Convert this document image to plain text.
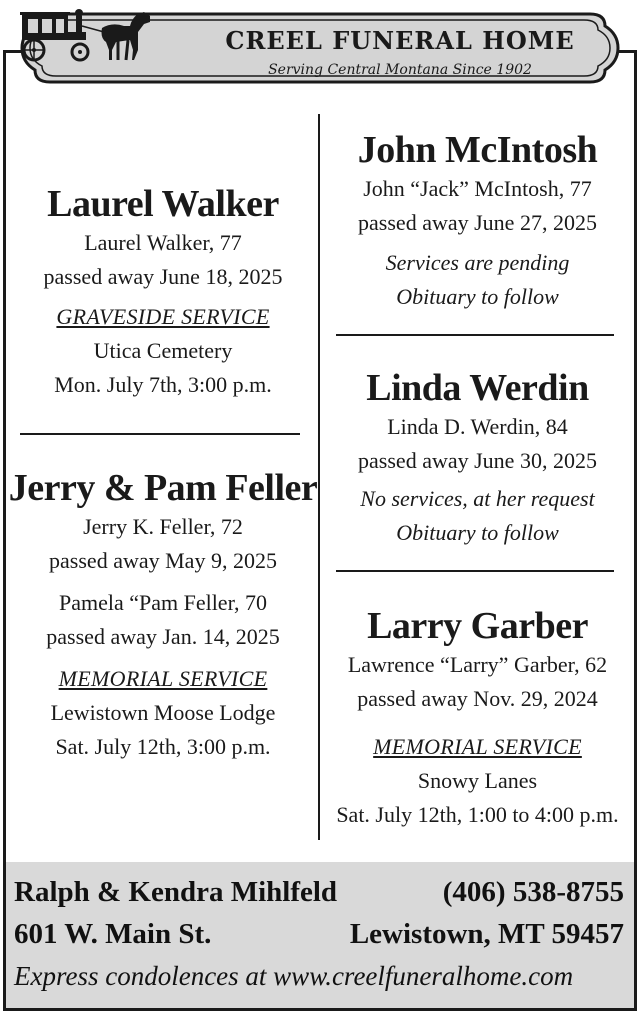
CREEL FUNERAL HOME
Serving Central Montana Since 1902

Laurel Walker

Laurel Walker, 77

passed away June 18, 2025

GRAVESIDE SERVICE

Utica Cemetery

Mon. July 7th, 3:00 p.m.

Jerry & Pam Feller

Jerry K. Feller, 72

passed away May 9, 2025

Pamela “Pam Feller, 70

passed away Jan. 14, 2025

MEMORIAL SERVICE

Lewistown Moose Lodge

Sat. July 12th, 3:00 p.m.

John McIntosh

John “Jack” McIntosh, 77

passed away June 27, 2025

Services are pending

Obituary to follow

Linda Werdin

Linda D. Werdin, 84

passed away June 30, 2025

No services, at her request

Obituary to follow

Larry Garber

Lawrence “Larry” Garber, 62

passed away Nov. 29, 2024

MEMORIAL SERVICE

Snowy Lanes

Sat. July 12th, 1:00 to 4:00 p.m.

Ralph & Kendra Mihlfeld	(406) 538-8755
601 W. Main St.	Lewistown, MT 59457
Express condolences at www.creelfuneralhome.com
